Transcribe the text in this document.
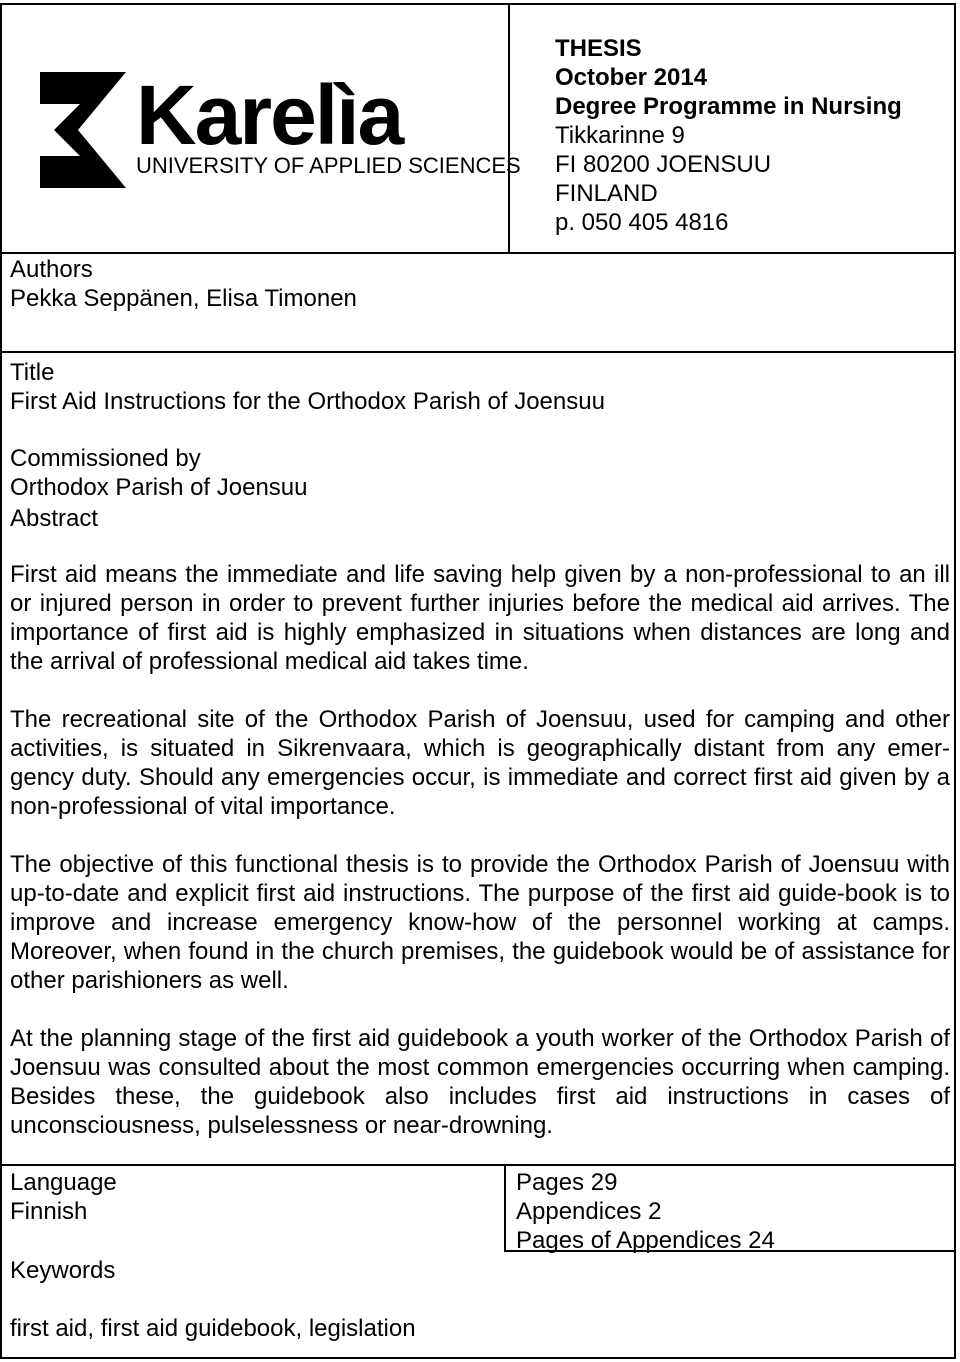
Karelìa
UNIVERSITY OF APPLIED SCIENCES
THESIS
October 2014
Degree Programme in Nursing
Tikkarinne 9
FI 80200 JOENSUU
FINLAND
p. 050 405 4816
Authors
Pekka Seppänen, Elisa Timonen
Title
First Aid Instructions for the Orthodox Parish of Joensuu
Commissioned by
Orthodox Parish of Joensuu
Abstract

First aid means the immediate and life saving help given by a non-professional to an ill or injured person in order to prevent further injuries before the medical aid arrives. The importance of first aid is highly emphasized in situations when distances are long and the arrival of professional medical aid takes time.

The recreational site of the Orthodox Parish of Joensuu, used for camping and other activities, is situated in Sikrenvaara, which is geographically distant from any emer-gency duty. Should any emergencies occur, is immediate and correct first aid given by a non-professional of vital importance.

The objective of this functional thesis is to provide the Orthodox Parish of Joensuu with up-to-date and explicit first aid instructions. The purpose of the first aid guide-book is to improve and increase emergency know-how of the personnel working at camps. Moreover, when found in the church premises, the guidebook would be of assistance for other parishioners as well.

At the planning stage of the first aid guidebook a youth worker of the Orthodox Parish of Joensuu was consulted about the most common emergencies occurring when camping. Besides these, the guidebook also includes first aid instructions in cases of unconsciousness, pulselessness or near-drowning.

Language
Finnish
Pages 29
Appendices 2
Pages of Appendices 24
Keywords
first aid, first aid guidebook, legislation
